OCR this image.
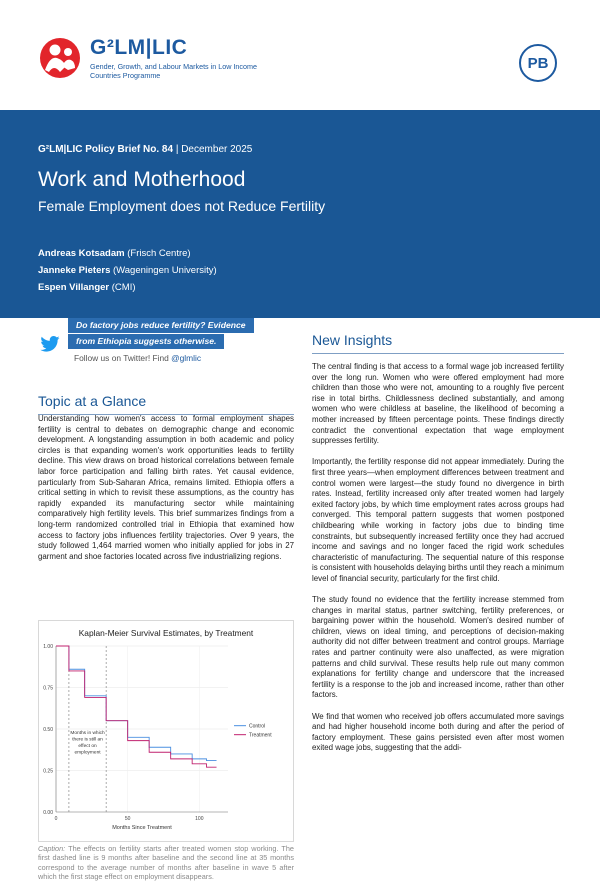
G²LM|LIC
Gender, Growth, and Labour Markets in Low Income Countries Programme
PB
G²LM|LIC Policy Brief No. 84 | December 2025
Work and Motherhood
Female Employment does not Reduce Fertility
Andreas Kotsadam (Frisch Centre)
Janneke Pieters (Wageningen University)
Espen Villanger (CMI)
Do factory jobs reduce fertility? Evidence
from Ethiopia suggests otherwise.
Follow us on Twitter! Find @glmlic
Topic at a Glance
Understanding how women's access to formal employment shapes fertility is central to debates on demographic change and economic development. A longstanding assumption in both academic and policy circles is that expanding women's work opportunities leads to fertility decline. This view draws on broad historical correlations between female labor force participation and falling birth rates. Yet causal evidence, particularly from Sub-Saharan Africa, remains limited. Ethiopia offers a critical setting in which to revisit these assumptions, as the country has rapidly expanded its manufacturing sector while maintaining comparatively high fertility levels. This brief summarizes findings from a long-term randomized controlled trial in Ethiopia that examined how access to factory jobs influences fertility trajectories. Over 9 years, the study followed 1,464 married women who initially applied for jobs in 27 garment and shoe factories located across five industrializing regions.
Kaplan-Meier Survival Estimates, by Treatment
0.00
0.25
0.50
0.75
1.00
0	50	100
Months Since Treatment
Months in which
there is still an
effect on
employment
Control
Treatment
Caption: The effects on fertility starts after treated women stop working. The first dashed line is 9 months after baseline and the second line at 35 months correspond to the average number of months after baseline in wave 5 after which the first stage effect on employment disappears.
New Insights

The central finding is that access to a formal wage job increased fertility over the long run. Women who were offered employment had more children than those who were not, amounting to a roughly five percent rise in total births. Childlessness declined substantially, and among women who were childless at baseline, the likelihood of becoming a mother increased by fifteen percentage points. These findings directly contradict the conventional expectation that wage employment suppresses fertility.

Importantly, the fertility response did not appear immediately. During the first three years—when employment differences between treatment and control women were largest—the study found no divergence in birth rates. Instead, fertility increased only after treated women had largely exited factory jobs, by which time employment rates across groups had converged. This temporal pattern suggests that women postponed childbearing while working in factory jobs due to binding time constraints, but subsequently increased fertility once they had accrued income and savings and no longer faced the rigid work schedules characteristic of manufacturing. The sequential nature of this response is consistent with households delaying births until they reach a minimum level of financial security, particularly for the first child.

The study found no evidence that the fertility increase stemmed from changes in marital status, partner switching, fertility preferences, or bargaining power within the household. Women's desired number of children, views on ideal timing, and perceptions of decision-making authority did not differ between treatment and control groups. Marriage rates and partner continuity were also unaffected, as were migration patterns and child survival. These results help rule out many common explanations for fertility change and underscore that the increased fertility is a response to the job and increased income, rather than other factors.

We find that women who received job offers accumulated more savings and had higher household income both during and after the period of factory employment. These gains persisted even after most women exited wage jobs, suggesting that the addi-
